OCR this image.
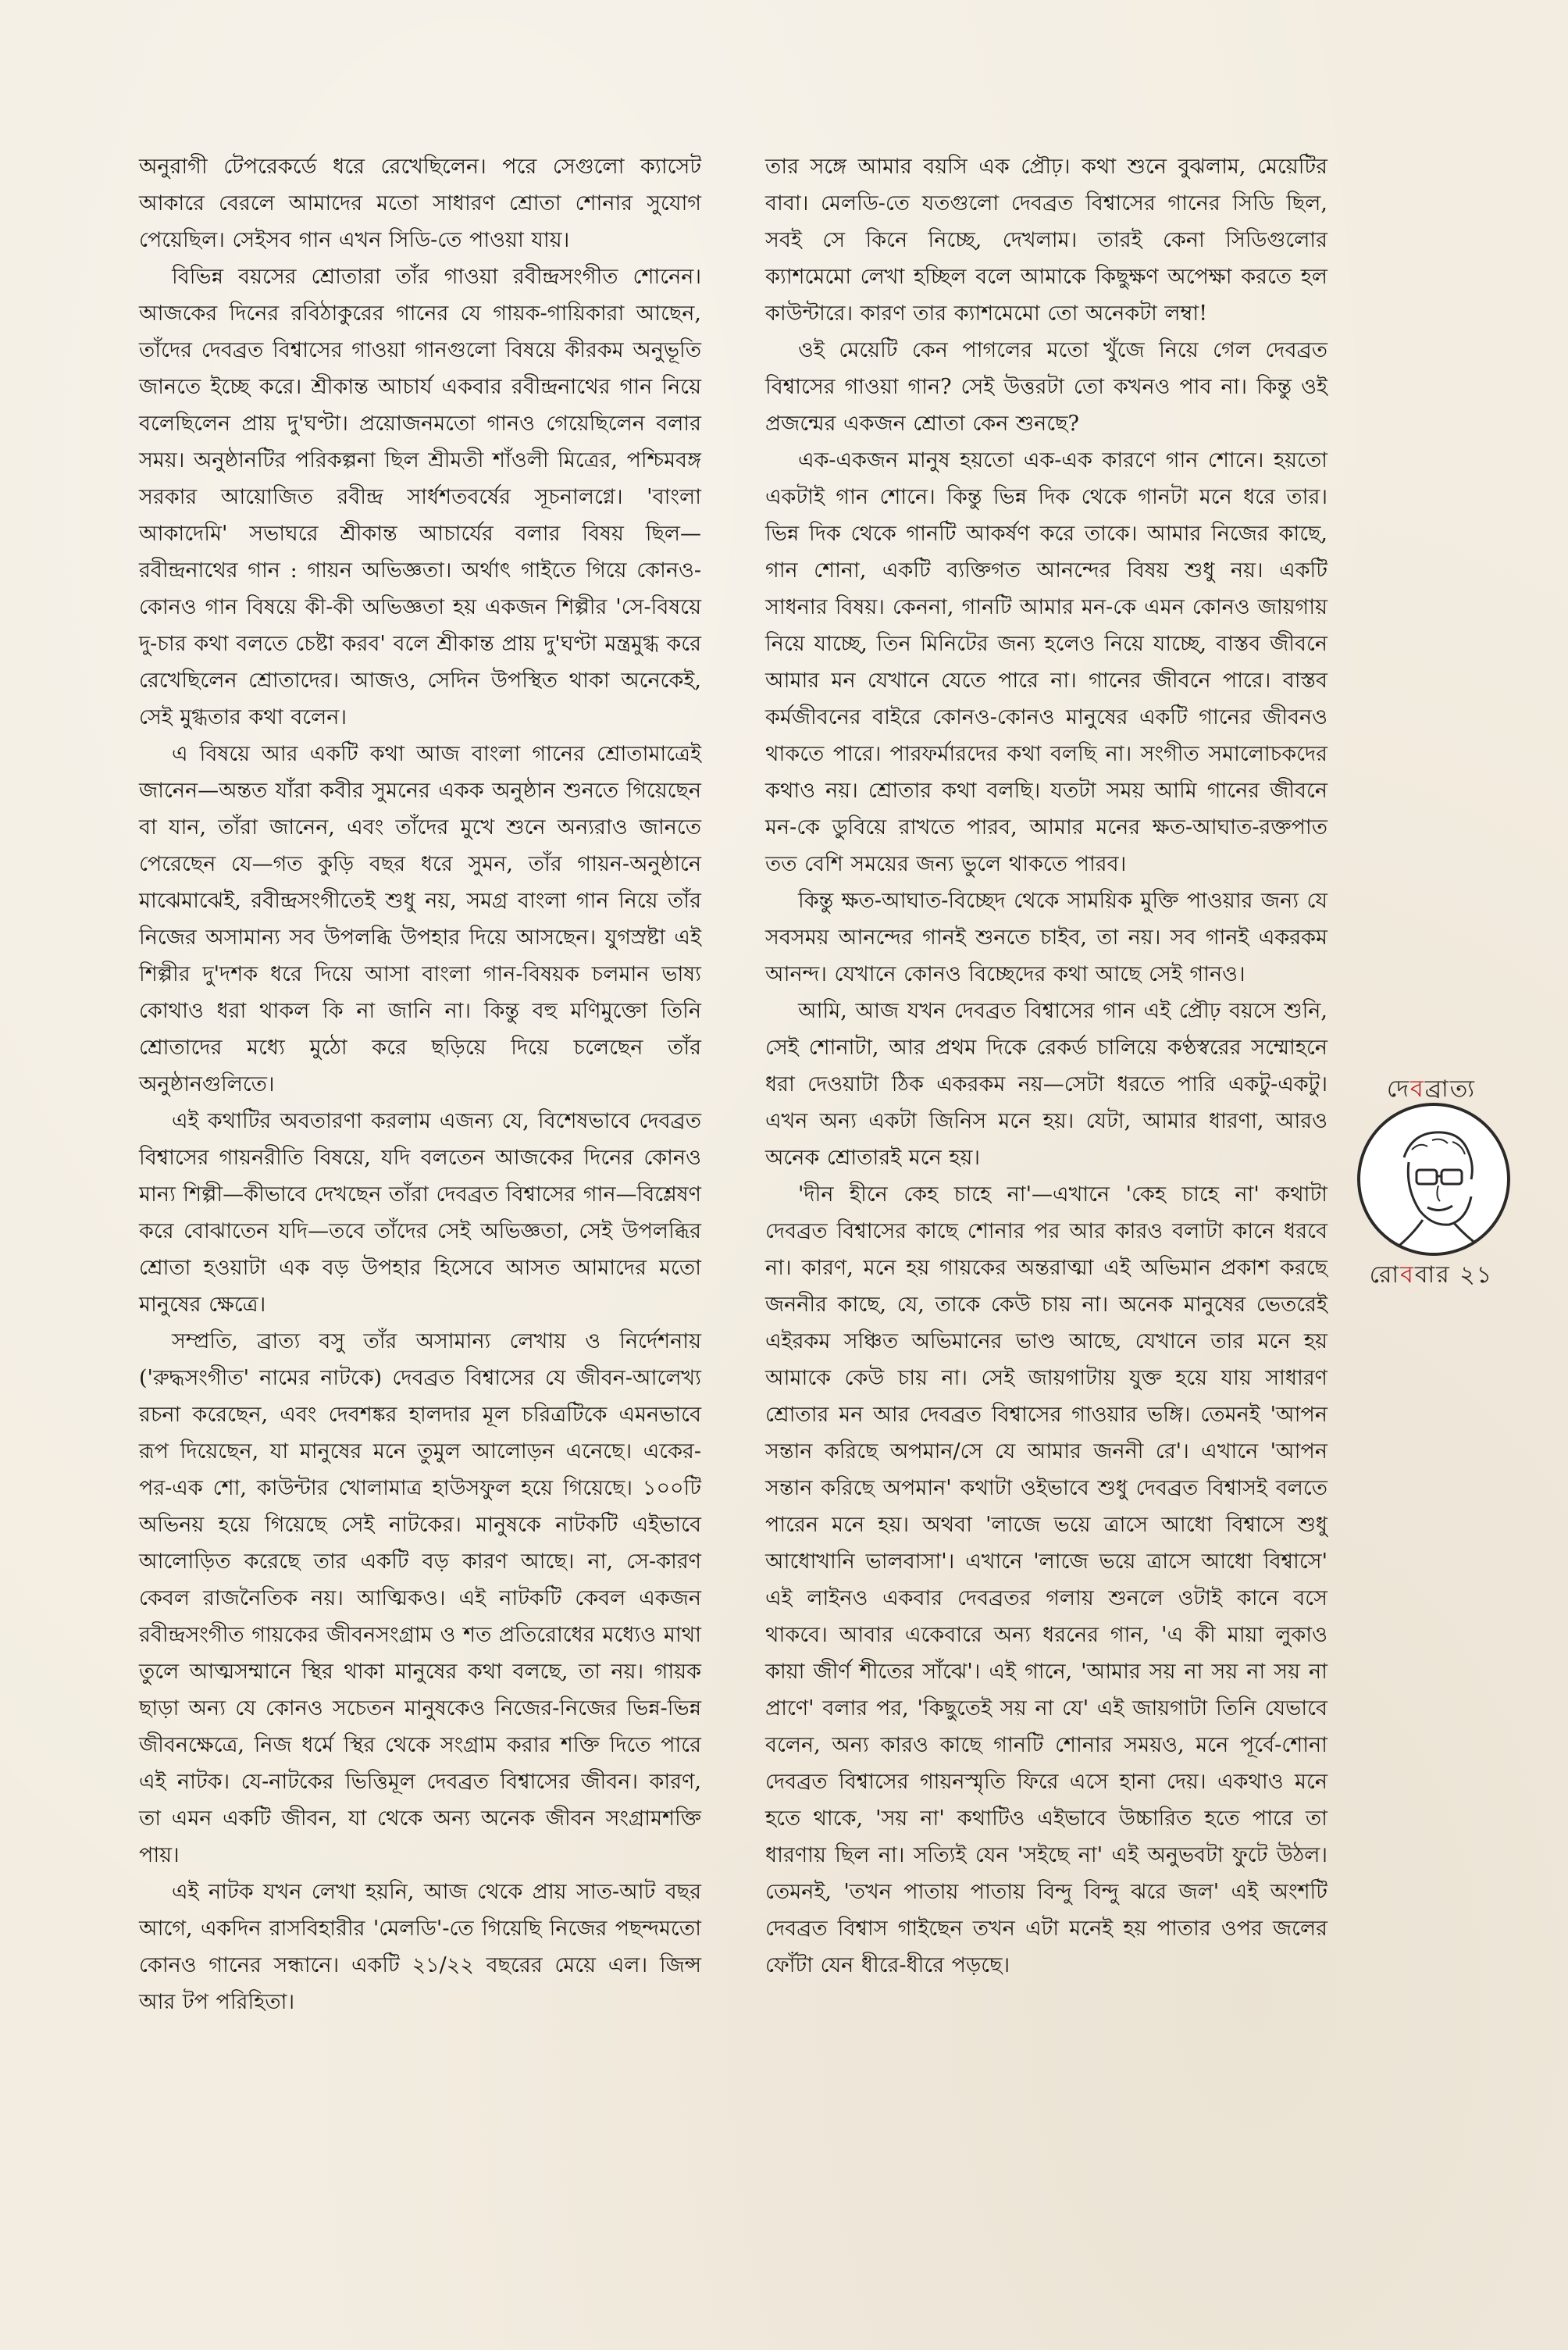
অনুরাগী টেপরেকর্ডে ধরে রেখেছিলেন। পরে সেগুলো ক্যাসেট আকারে বেরলে আমাদের মতো সাধারণ শ্রোতা শোনার সুযোগ পেয়েছিল। সেইসব গান এখন সিডি-তে পাওয়া যায়।

বিভিন্ন বয়সের শ্রোতারা তাঁর গাওয়া রবীন্দ্রসংগীত শোনেন। আজকের দিনের রবিঠাকুরের গানের যে গায়ক-গায়িকারা আছেন, তাঁদের দেবব্রত বিশ্বাসের গাওয়া গানগুলো বিষয়ে কীরকম অনুভূতি জানতে ইচ্ছে করে। শ্রীকান্ত আচার্য একবার রবীন্দ্রনাথের গান নিয়ে বলেছিলেন প্রায় দু'ঘণ্টা। প্রয়োজনমতো গানও গেয়েছিলেন বলার সময়। অনুষ্ঠানটির পরিকল্পনা ছিল শ্রীমতী শাঁওলী মিত্রের, পশ্চিমবঙ্গ সরকার আয়োজিত রবীন্দ্র সার্ধশতবর্ষের সূচনালগ্নে। 'বাংলা আকাদেমি' সভাঘরে শ্রীকান্ত আচার্যের বলার বিষয় ছিল—রবীন্দ্রনাথের গান : গায়ন অভিজ্ঞতা। অর্থাৎ গাইতে গিয়ে কোনও-কোনও গান বিষয়ে কী-কী অভিজ্ঞতা হয় একজন শিল্পীর 'সে-বিষয়ে দু-চার কথা বলতে চেষ্টা করব' বলে শ্রীকান্ত প্রায় দু'ঘণ্টা মন্ত্রমুগ্ধ করে রেখেছিলেন শ্রোতাদের। আজও, সেদিন উপস্থিত থাকা অনেকেই, সেই মুগ্ধতার কথা বলেন।

এ বিষয়ে আর একটি কথা আজ বাংলা গানের শ্রোতামাত্রেই জানেন—অন্তত যাঁরা কবীর সুমনের একক অনুষ্ঠান শুনতে গিয়েছেন বা যান, তাঁরা জানেন, এবং তাঁদের মুখে শুনে অন্যরাও জানতে পেরেছেন যে—গত কুড়ি বছর ধরে সুমন, তাঁর গায়ন-অনুষ্ঠানে মাঝেমাঝেই, রবীন্দ্রসংগীতেই শুধু নয়, সমগ্র বাংলা গান নিয়ে তাঁর নিজের অসামান্য সব উপলব্ধি উপহার দিয়ে আসছেন। যুগস্রষ্টা এই শিল্পীর দু'দশক ধরে দিয়ে আসা বাংলা গান-বিষয়ক চলমান ভাষ্য কোথাও ধরা থাকল কি না জানি না। কিন্তু বহু মণিমুক্তো তিনি শ্রোতাদের মধ্যে মুঠো করে ছড়িয়ে দিয়ে চলেছেন তাঁর অনুষ্ঠানগুলিতে।

এই কথাটির অবতারণা করলাম এজন্য যে, বিশেষভাবে দেবব্রত বিশ্বাসের গায়নরীতি বিষয়ে, যদি বলতেন আজকের দিনের কোনও মান্য শিল্পী—কীভাবে দেখছেন তাঁরা দেবব্রত বিশ্বাসের গান—বিশ্লেষণ করে বোঝাতেন যদি—তবে তাঁদের সেই অভিজ্ঞতা, সেই উপলব্ধির শ্রোতা হওয়াটা এক বড় উপহার হিসেবে আসত আমাদের মতো মানুষের ক্ষেত্রে।

সম্প্রতি, ব্রাত্য বসু তাঁর অসামান্য লেখায় ও নির্দেশনায় ('রুদ্ধসংগীত' নামের নাটকে) দেবব্রত বিশ্বাসের যে জীবন-আলেখ্য রচনা করেছেন, এবং দেবশঙ্কর হালদার মূল চরিত্রটিকে এমনভাবে রূপ দিয়েছেন, যা মানুষের মনে তুমুল আলোড়ন এনেছে। একের-পর-এক শো, কাউন্টার খোলামাত্র হাউসফুল হয়ে গিয়েছে। ১০০টি অভিনয় হয়ে গিয়েছে সেই নাটকের। মানুষকে নাটকটি এইভাবে আলোড়িত করেছে তার একটি বড় কারণ আছে। না, সে-কারণ কেবল রাজনৈতিক নয়। আত্মিকও। এই নাটকটি কেবল একজন রবীন্দ্রসংগীত গায়কের জীবনসংগ্রাম ও শত প্রতিরোধের মধ্যেও মাথা তুলে আত্মসম্মানে স্থির থাকা মানুষের কথা বলছে, তা নয়। গায়ক ছাড়া অন্য যে কোনও সচেতন মানুষকেও নিজের-নিজের ভিন্ন-ভিন্ন জীবনক্ষেত্রে, নিজ ধর্মে স্থির থেকে সংগ্রাম করার শক্তি দিতে পারে এই নাটক। যে-নাটকের ভিত্তিমূল দেবব্রত বিশ্বাসের জীবন। কারণ, তা এমন একটি জীবন, যা থেকে অন্য অনেক জীবন সংগ্রামশক্তি পায়।

এই নাটক যখন লেখা হয়নি, আজ থেকে প্রায় সাত-আট বছর আগে, একদিন রাসবিহারীর 'মেলডি'-তে গিয়েছি নিজের পছন্দমতো কোনও গানের সন্ধানে। একটি ২১/২২ বছরের মেয়ে এল। জিন্স আর টপ পরিহিতা।

তার সঙ্গে আমার বয়সি এক প্রৌঢ়। কথা শুনে বুঝলাম, মেয়েটির বাবা। মেলডি-তে যতগুলো দেবব্রত বিশ্বাসের গানের সিডি ছিল, সবই সে কিনে নিচ্ছে, দেখলাম। তারই কেনা সিডিগুলোর ক্যাশমেমো লেখা হচ্ছিল বলে আমাকে কিছুক্ষণ অপেক্ষা করতে হল কাউন্টারে। কারণ তার ক্যাশমেমো তো অনেকটা লম্বা!

ওই মেয়েটি কেন পাগলের মতো খুঁজে নিয়ে গেল দেবব্রত বিশ্বাসের গাওয়া গান? সেই উত্তরটা তো কখনও পাব না। কিন্তু ওই প্রজন্মের একজন শ্রোতা কেন শুনছে?

এক-একজন মানুষ হয়তো এক-এক কারণে গান শোনে। হয়তো একটাই গান শোনে। কিন্তু ভিন্ন দিক থেকে গানটা মনে ধরে তার। ভিন্ন দিক থেকে গানটি আকর্ষণ করে তাকে। আমার নিজের কাছে, গান শোনা, একটি ব্যক্তিগত আনন্দের বিষয় শুধু নয়। একটি সাধনার বিষয়। কেননা, গানটি আমার মন-কে এমন কোনও জায়গায় নিয়ে যাচ্ছে, তিন মিনিটের জন্য হলেও নিয়ে যাচ্ছে, বাস্তব জীবনে আমার মন যেখানে যেতে পারে না। গানের জীবনে পারে। বাস্তব কর্মজীবনের বাইরে কোনও-কোনও মানুষের একটি গানের জীবনও থাকতে পারে। পারফর্মারদের কথা বলছি না। সংগীত সমালোচকদের কথাও নয়। শ্রোতার কথা বলছি। যতটা সময় আমি গানের জীবনে মন-কে ডুবিয়ে রাখতে পারব, আমার মনের ক্ষত-আঘাত-রক্তপাত তত বেশি সময়ের জন্য ভুলে থাকতে পারব।

কিন্তু ক্ষত-আঘাত-বিচ্ছেদ থেকে সাময়িক মুক্তি পাওয়ার জন্য যে সবসময় আনন্দের গানই শুনতে চাইব, তা নয়। সব গানই একরকম আনন্দ। যেখানে কোনও বিচ্ছেদের কথা আছে সেই গানও।

আমি, আজ যখন দেবব্রত বিশ্বাসের গান এই প্রৌঢ় বয়সে শুনি, সেই শোনাটা, আর প্রথম দিকে রেকর্ড চালিয়ে কণ্ঠস্বরের সম্মোহনে ধরা দেওয়াটা ঠিক একরকম নয়—সেটা ধরতে পারি একটু-একটু। এখন অন্য একটা জিনিস মনে হয়। যেটা, আমার ধারণা, আরও অনেক শ্রোতারই মনে হয়।

'দীন হীনে কেহ চাহে না'—এখানে 'কেহ চাহে না' কথাটা দেবব্রত বিশ্বাসের কাছে শোনার পর আর কারও বলাটা কানে ধরবে না। কারণ, মনে হয় গায়কের অন্তরাত্মা এই অভিমান প্রকাশ করছে জননীর কাছে, যে, তাকে কেউ চায় না। অনেক মানুষের ভেতরেই এইরকম সঞ্চিত অভিমানের ভাণ্ড আছে, যেখানে তার মনে হয় আমাকে কেউ চায় না। সেই জায়গাটায় যুক্ত হয়ে যায় সাধারণ শ্রোতার মন আর দেবব্রত বিশ্বাসের গাওয়ার ভঙ্গি। তেমনই 'আপন সন্তান করিছে অপমান/সে যে আমার জননী রে'। এখানে 'আপন সন্তান করিছে অপমান' কথাটা ওইভাবে শুধু দেবব্রত বিশ্বাসই বলতে পারেন মনে হয়। অথবা 'লাজে ভয়ে ত্রাসে আধো বিশ্বাসে শুধু আধোখানি ভালবাসা'। এখানে 'লাজে ভয়ে ত্রাসে আধো বিশ্বাসে' এই লাইনও একবার দেবব্রতর গলায় শুনলে ওটাই কানে বসে থাকবে। আবার একেবারে অন্য ধরনের গান, 'এ কী মায়া লুকাও কায়া জীর্ণ শীতের সাঁঝে'। এই গানে, 'আমার সয় না সয় না সয় না প্রাণে' বলার পর, 'কিছুতেই সয় না যে' এই জায়গাটা তিনি যেভাবে বলেন, অন্য কারও কাছে গানটি শোনার সময়ও, মনে পূর্বে-শোনা দেবব্রত বিশ্বাসের গায়নস্মৃতি ফিরে এসে হানা দেয়। একথাও মনে হতে থাকে, 'সয় না' কথাটিও এইভাবে উচ্চারিত হতে পারে তা ধারণায় ছিল না। সত্যিই যেন 'সইছে না' এই অনুভবটা ফুটে উঠল। তেমনই, 'তখন পাতায় পাতায় বিন্দু বিন্দু ঝরে জল' এই অংশটি দেবব্রত বিশ্বাস গাইছেন তখন এটা মনেই হয় পাতার ওপর জলের ফোঁটা যেন ধীরে-ধীরে পড়ছে।

দেবব্রাত্য
রোববার ২১
